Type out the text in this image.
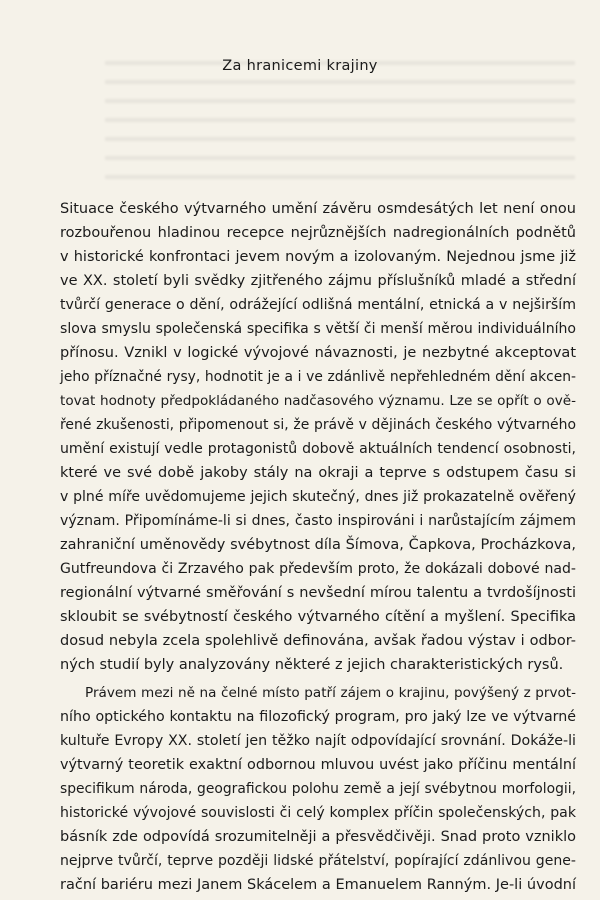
Za hranicemi krajiny
Situace českého výtvarného umění závěru osmdesátých let není onou
rozbouřenou hladinou recepce nejrůznějších nadregionálních podnětů
v historické konfrontaci jevem novým a izolovaným. Nejednou jsme již
ve XX. století byli svědky zjitřeného zájmu příslušníků mladé a střední
tvůrčí generace o dění, odrážející odlišná mentální, etnická a v nejširším
slova smyslu společenská specifika s větší či menší měrou individuálního
přínosu. Vznikl v logické vývojové návaznosti, je nezbytné akceptovat
jeho příznačné rysy, hodnotit je a i ve zdánlivě nepřehledném dění akcen-
tovat hodnoty předpokládaného nadčasového významu. Lze se opřít o ově-
řené zkušenosti, připomenout si, že právě v dějinách českého výtvarného
umění existují vedle protagonistů dobově aktuálních tendencí osobnosti,
které ve své době jakoby stály na okraji a teprve s odstupem času si
v plné míře uvědomujeme jejich skutečný, dnes již prokazatelně ověřený
význam. Připomínáme-li si dnes, často inspirováni i narůstajícím zájmem
zahraniční uměnovědy svébytnost díla Šímova, Čapkova, Procházkova,
Gutfreundova či Zrzavého pak především proto, že dokázali dobové nad-
regionální výtvarné směřování s nevšední mírou talentu a tvrdošíjnosti
skloubit se svébytností českého výtvarného cítění a myšlení. Specifika
dosud nebyla zcela spolehlivě definována, avšak řadou výstav i odbor-
ných studií byly analyzovány některé z jejich charakteristických rysů.
Právem mezi ně na čelné místo patří zájem o krajinu, povýšený z prvot-
ního optického kontaktu na filozofický program, pro jaký lze ve výtvarné
kultuře Evropy XX. století jen těžko najít odpovídající srovnání. Dokáže-li
výtvarný teoretik exaktní odbornou mluvou uvést jako příčinu mentální
specifikum národa, geografickou polohu země a její svébytnou morfologii,
historické vývojové souvislosti či celý komplex příčin společenských, pak
básník zde odpovídá srozumitelněji a přesvědčivěji. Snad proto vzniklo
nejprve tvůrčí, teprve později lidské přátelství, popírající zdánlivou gene-
rační bariéru mezi Janem Skácelem a Emanuelem Ranným. Je-li úvodní
